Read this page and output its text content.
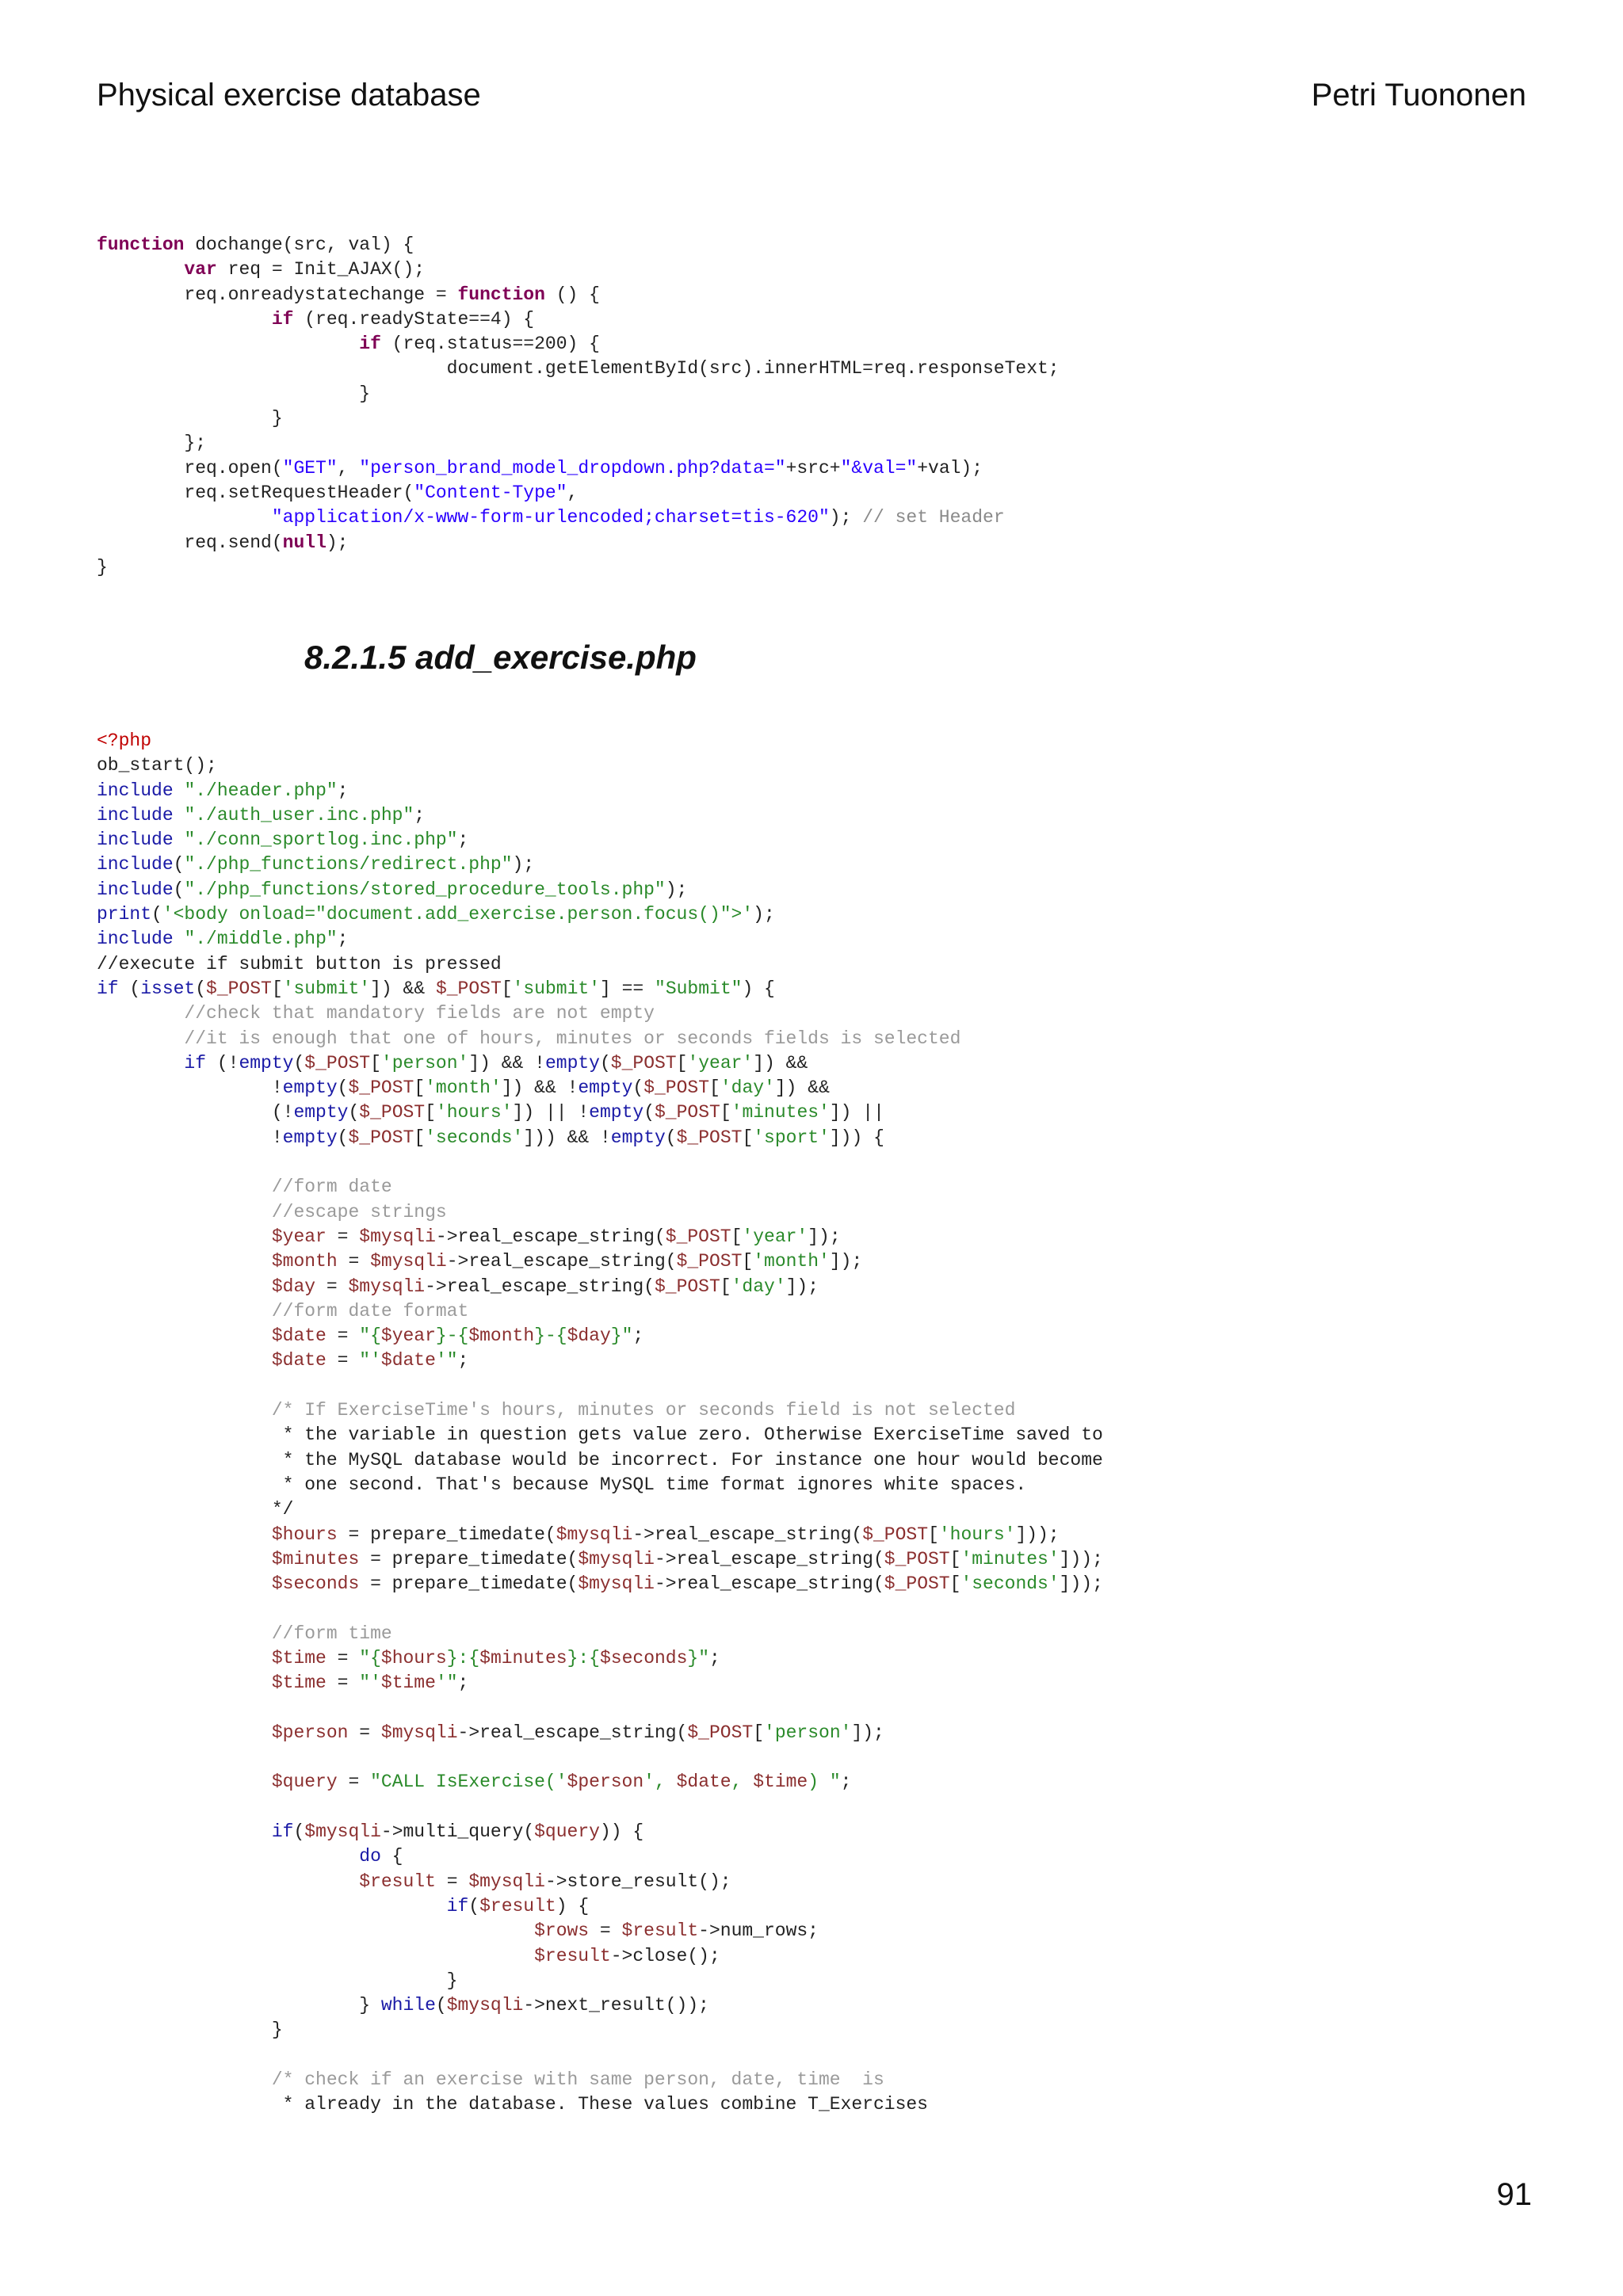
Physical exercise database	Petri Tuononen
function dochange(src, val) {
	var req = Init_AJAX();
	req.onreadystatechange = function () {
		if (req.readyState==4) {
			if (req.status==200) {
				document.getElementById(src).innerHTML=req.responseText;
			}
		}
	};
	req.open("GET", "person_brand_model_dropdown.php?data="+src+"&val="+val);
	req.setRequestHeader("Content-Type",
		"application/x-www-form-urlencoded;charset=tis-620"); // set Header
	req.send(null);
}
8.2.1.5 add_exercise.php
<?php
ob_start();
include "./header.php";
include "./auth_user.inc.php";
include "./conn_sportlog.inc.php";
include("./php_functions/redirect.php");
include("./php_functions/stored_procedure_tools.php");
print('<body onload="document.add_exercise.person.focus()">');
include "./middle.php";
//execute if submit button is pressed
if (isset($_POST['submit']) && $_POST['submit'] == "Submit") {
	//check that mandatory fields are not empty
	//it is enough that one of hours, minutes or seconds fields is selected
	if (!empty($_POST['person']) && !empty($_POST['year']) &&
		!empty($_POST['month']) && !empty($_POST['day']) &&
		(!empty($_POST['hours']) || !empty($_POST['minutes']) ||
		!empty($_POST['seconds'])) && !empty($_POST['sport'])) {

		//form date
		//escape strings
		$year = $mysqli->real_escape_string($_POST['year']);
		$month = $mysqli->real_escape_string($_POST['month']);
		$day = $mysqli->real_escape_string($_POST['day']);
		//form date format
		$date = "{$year}-{$month}-{$day}";
		$date = "'$date'";

		/* If ExerciseTime's hours, minutes or seconds field is not selected
		* the variable in question gets value zero. Otherwise ExerciseTime saved to
		* the MySQL database would be incorrect. For instance one hour would become
		* one second. That's because MySQL time format ignores white spaces.
		*/
		$hours = prepare_timedate($mysqli->real_escape_string($_POST['hours']));
		$minutes = prepare_timedate($mysqli->real_escape_string($_POST['minutes']));
		$seconds = prepare_timedate($mysqli->real_escape_string($_POST['seconds']));

		//form time
		$time = "{$hours}:{$minutes}:{$seconds}";
		$time = "'$time'";

		$person = $mysqli->real_escape_string($_POST['person']);

		$query = "CALL IsExercise('$person', $date, $time) ";

		if($mysqli->multi_query($query)) {
			do {
			$result = $mysqli->store_result();
				if($result) {
					$rows = $result->num_rows;
					$result->close();
				}
			} while($mysqli->next_result());
		}

		/* check if an exercise with same person, date, time  is
		* already in the database. These values combine T_Exercises
91
